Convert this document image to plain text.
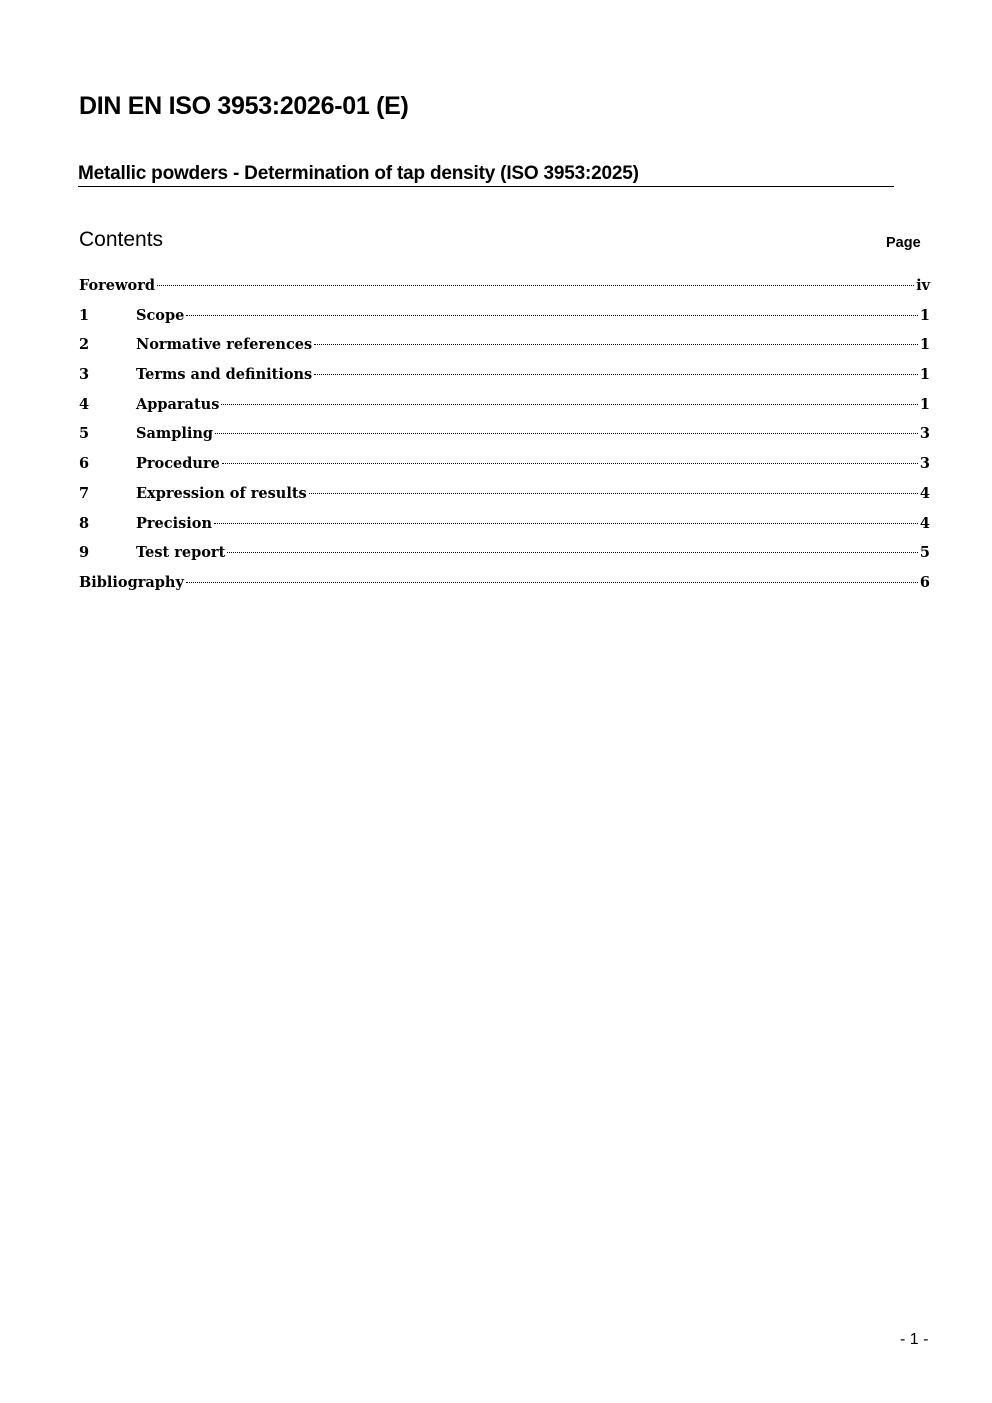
DIN EN ISO 3953:2026-01 (E)
Metallic powders - Determination of tap density (ISO 3953:2025)
Contents	Page
Foreword	iv
1	Scope	1
2	Normative references	1
3	Terms and definitions	1
4	Apparatus	1
5	Sampling	3
6	Procedure	3
7	Expression of results	4
8	Precision	4
9	Test report	5
Bibliography	6
- 1 -
